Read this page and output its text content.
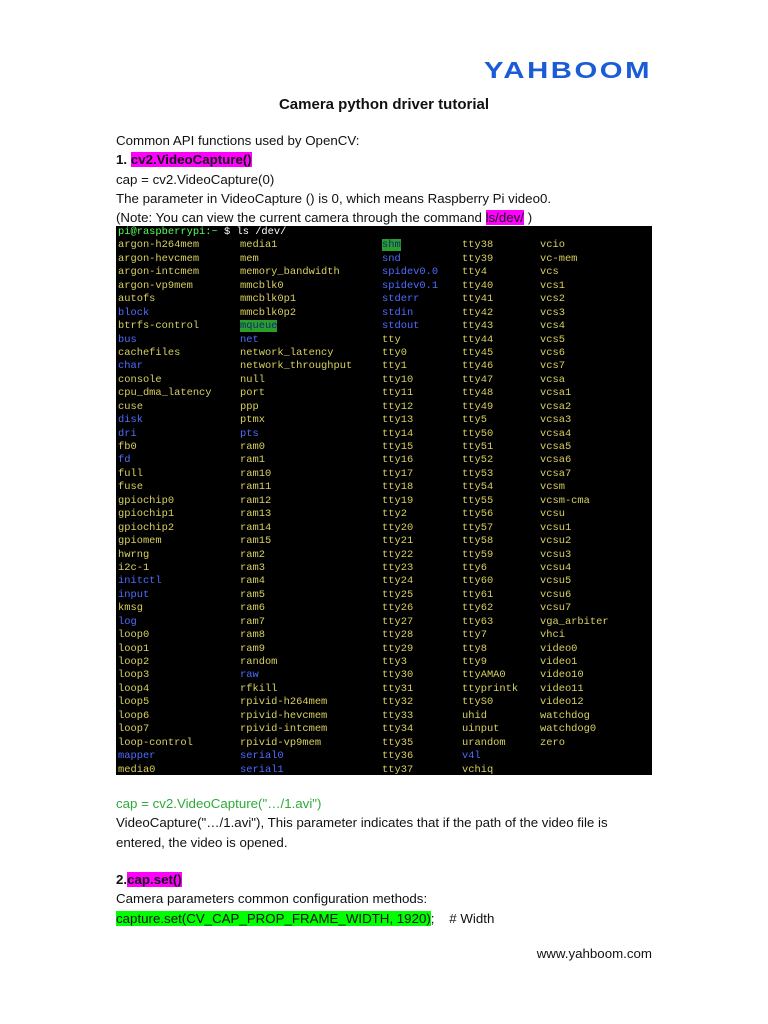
YAHBOOM
Camera python driver tutorial
Common API functions used by OpenCV:
1. cv2.VideoCapture()
cap = cv2.VideoCapture(0)
The parameter in VideoCapture () is 0, which means Raspberry Pi video0.
(Note: You can view the current camera through the command ls/dev/ )
pi@raspberrypi:~ $ ls /dev/
argon-h264mem
argon-hevcmem
argon-intcmem
argon-vp9mem
autofs
block
btrfs-control
bus
cachefiles
char
console
cpu_dma_latency
cuse
disk
dri
fb0
fd
full
fuse
gpiochip0
gpiochip1
gpiochip2
gpiomem
hwrng
i2c-1
initctl
input
kmsg
log
loop0
loop1
loop2
loop3
loop4
loop5
loop6
loop7
loop-control
mapper
media0
media1
mem
memory_bandwidth
mmcblk0
mmcblk0p1
mmcblk0p2
mqueue
net
network_latency
network_throughput
null
port
ppp
ptmx
pts
ram0
ram1
ram10
ram11
ram12
ram13
ram14
ram15
ram2
ram3
ram4
ram5
ram6
ram7
ram8
ram9
random
raw
rfkill
rpivid-h264mem
rpivid-hevcmem
rpivid-intcmem
rpivid-vp9mem
serial0
serial1
shm
snd
spidev0.0
spidev0.1
stderr
stdin
stdout
tty
tty0
tty1
tty10
tty11
tty12
tty13
tty14
tty15
tty16
tty17
tty18
tty19
tty2
tty20
tty21
tty22
tty23
tty24
tty25
tty26
tty27
tty28
tty29
tty3
tty30
tty31
tty32
tty33
tty34
tty35
tty36
tty37
tty38
tty39
tty4
tty40
tty41
tty42
tty43
tty44
tty45
tty46
tty47
tty48
tty49
tty5
tty50
tty51
tty52
tty53
tty54
tty55
tty56
tty57
tty58
tty59
tty6
tty60
tty61
tty62
tty63
tty7
tty8
tty9
ttyAMA0
ttyprintk
ttyS0
uhid
uinput
urandom
v4l
vchiq
vcio
vc-mem
vcs
vcs1
vcs2
vcs3
vcs4
vcs5
vcs6
vcs7
vcsa
vcsa1
vcsa2
vcsa3
vcsa4
vcsa5
vcsa6
vcsa7
vcsm
vcsm-cma
vcsu
vcsu1
vcsu2
vcsu3
vcsu4
vcsu5
vcsu6
vcsu7
vga_arbiter
vhci
video0
video1
video10
video11
video12
watchdog
watchdog0
zero
cap = cv2.VideoCapture("…/1.avi")
VideoCapture("…/1.avi"), This parameter indicates that if the path of the video file is
entered, the video is opened.
2.cap.set()
Camera parameters common configuration methods:
capture.set(CV_CAP_PROP_FRAME_WIDTH, 1920);    # Width
www.yahboom.com
